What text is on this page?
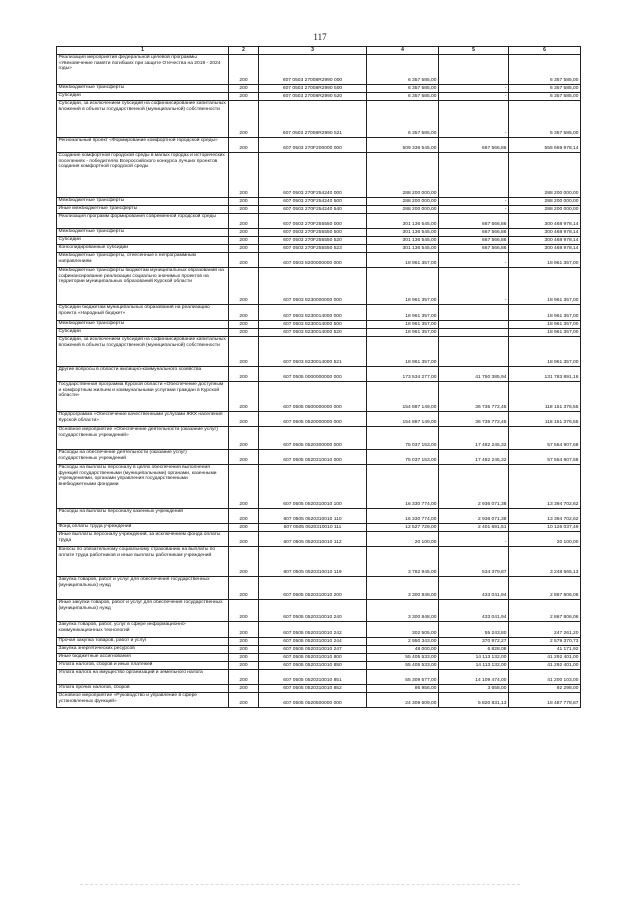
117
1	2	3	4	5	6
Реализация мероприятий федеральной целевой программы «Увековечение памяти погибших при защите Отечества на 2019 - 2024 годы»	200	607 0503 27008R2990 000	6 357 585,00		6 357 585,00
Межбюджетные трансферты	200	607 0503 27008R2990 500	6 357 585,00	-	6 357 585,00
Субсидии	200	607 0503 27008R2990 520	6 357 585,00	-	6 357 585,00
Субсидии, за исключением субсидий на софинансирование капитальных вложений в объекты государственной (муниципальной) собственности	200	607 0503 27008R2990 521	6 357 585,00	-	6 357 585,00
Региональный проект «Формирование комфортной городской среды»	200	607 0503 270F200000 000	509 336 545,00	667 566,86	555 669 978,14
Создание комфортной городской среды в малых городах и исторических поселениях - победителях Всероссийского конкурса лучших проектов создания комфортной городской среды	200	607 0503 270F254240 000	288 200 000,00		288 200 000,00
Межбюджетные трансферты	200	607 0503 270F254240 500	288 200 000,00	-	288 200 000,00
Иные межбюджетные трансферты	200	607 0503 270F254240 540	288 200 000,00	-	288 200 000,00
Реализация программ формирования современной городской среды	200	607 0503 270F255550 000	301 136 545,00	667 566,86	300 468 978,14
Межбюджетные трансферты	200	607 0503 270F255550 500	301 136 545,00	667 566,86	300 468 978,14
Субсидии	200	607 0503 270F255550 520	301 136 545,00	667 566,86	300 468 978,14
Консолидированные субсидии	200	607 0503 270F255550 523	301 136 545,00	667 566,86	300 468 978,14
Межбюджетные трансферты, отнесенные к непрограммным направлениям	200	607 0503 8200000000 000	18 961 357,00	-	18 961 357,00
Межбюджетные трансферты бюджетам муниципальных образований на софинансирование реализации социально значимых проектов на территории муниципальных образований Курской области	200	607 0503 8230000000 000	18 961 357,00	-	18 961 357,00
Субсидии бюджетам муниципальных образований на реализацию проекта «Народный бюджет»	200	607 0503 8230014000 000	18 961 357,00		18 961 357,00
Межбюджетные трансферты	200	607 0503 8230014000 500	18 961 357,00		18 961 357,00
Субсидии	200	607 0503 8230014000 520	18 961 357,00		18 961 357,00
Субсидии, за исключением субсидий на софинансирование капитальных вложений в объекты государственной (муниципальной) собственности	200	607 0503 8230014000 521	18 961 357,00		18 961 357,00
Другие вопросы в области жилищно-коммунального хозяйства	200	607 0505 0000000000 000	173 534 277,00	41 750 385,94	131 783 891,16
Государственная программа Курской области «Обеспечение доступным и комфортным жильем и коммунальными услугами граждан в Курской области»	200	607 0505 0500000000 000	154 887 149,00	36 735 772,45	118 151 376,55
Подпрограмма «Обеспечение качественными услугами ЖКХ населения Курской области»	200	607 0505 0520000000 000	154 887 149,00	36 735 772,45	118 151 376,55
Основное мероприятие «Обеспечение деятельности (оказание услуг) государственных учреждений»	200	607 0505 0520300000 000	75 037 153,00	17 482 245,32	57 554 907,68
Расходы на обеспечение деятельности (оказание услуг) государственных учреждений	200	607 0505 0520310010 000	75 037 153,00	17 482 245,32	57 554 907,68
Расходы на выплаты персоналу в целях обеспечения выполнения функций государственными (муниципальными) органами, казенными учреждениями, органами управления государственными внебюджетными фондами	200	607 0505 0520310010 100	16 330 774,00	2 936 071,38	13 394 702,62
Расходы на выплаты персоналу казенных учреждений	200	607 0505 0520310010 110	16 330 774,00	2 936 071,38	13 394 702,62
Фонд оплаты труда учреждений	200	607 0505 0520310010 111	12 527 729,00	2 401 691,51	10 126 037,49
Иные выплаты персоналу учреждений, за исключением фонда оплаты труда	200	607 0505 0520310010 112	20 100,00	-	20 100,00
Взносы по обязательному социальному страхованию на выплаты по оплате труда работников и иные выплаты работникам учреждений	200	607 0505 0520310010 119	3 782 945,00	534 379,87	3 248 565,13
Закупка товаров, работ и услуг для обеспечения государственных (муниципальных) нужд	200	607 0505 0520310010 200	3 300 848,00	433 041,94	2 867 806,06
Иные закупки товаров, работ и услуг для обеспечения государственных (муниципальных) нужд	200	607 0505 0520310010 240	3 300 848,00	433 041,94	2 867 806,06
Закупка товаров, работ, услуг в сфере информационно-коммуникационных технологий	200	607 0505 0520310010 242	302 505,00	55 243,80	247 261,20
Прочая закупка товаров, работ и услуг	200	607 0505 0520310010 244	2 950 343,00	370 972,27	2 579 370,73
Закупка энергетических ресурсов	200	607 0505 0520310010 247	48 000,00	6 828,08	41 171,92
Иные бюджетные ассигнования	200	607 0505 0520310010 800	55 405 533,00	14 113 132,00	41 292 401,00
Уплата налогов, сборов и иных платежей	200	607 0505 0520310010 850	55 405 533,00	14 113 132,00	41 292 401,00
Уплата налога на имущество организаций и земельного налога	200	607 0505 0520310010 851	55 309 577,00	14 109 474,00	41 200 103,00
Уплата прочих налогов, сборов	200	607 0505 0520310010 852	95 956,00	3 658,00	92 298,00
Основное мероприятие «Руководство и управление в сфере установленных функций»	200	607 0505 0520500000 000	24 309 609,00	5 820 831,13	18 487 778,87
